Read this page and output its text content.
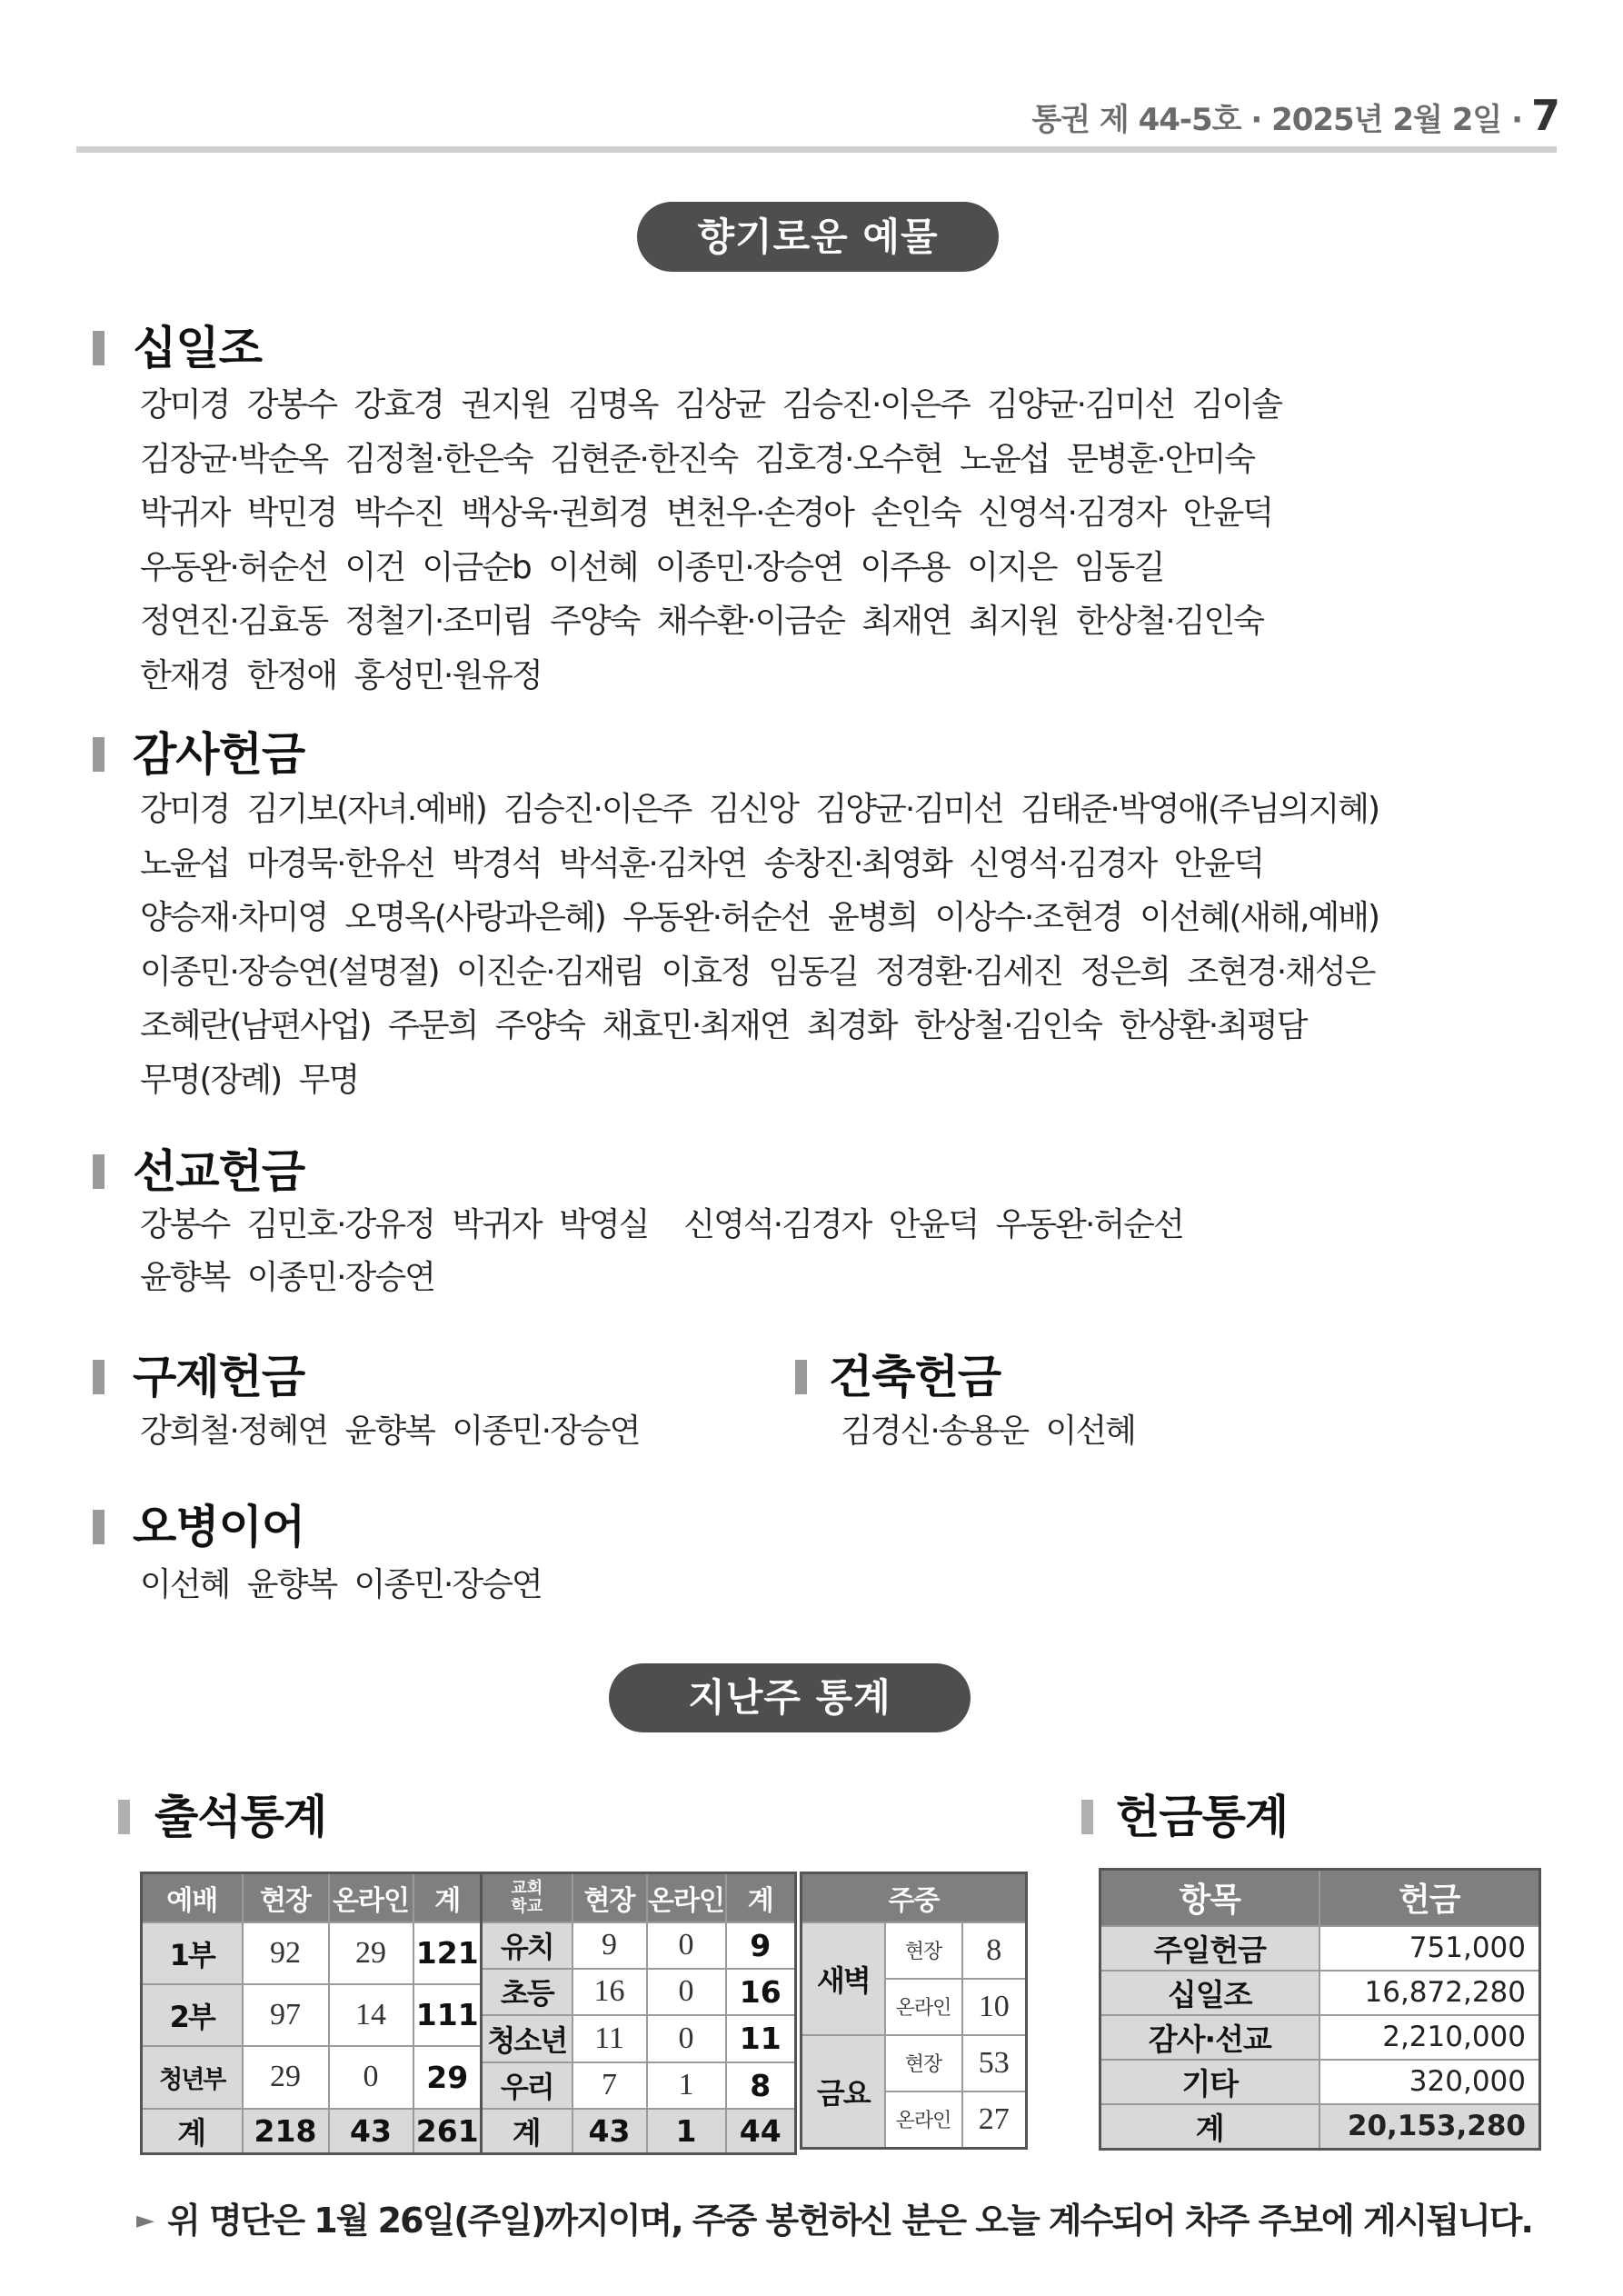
통권 제 44-5호 · 2025년 2월 2일 · 7
향기로운 예물
십일조
강미경 강봉수 강효경 권지원 김명옥 김상균 김승진·이은주 김양균·김미선 김이솔
김장균·박순옥 김정철·한은숙 김현준·한진숙 김호경·오수현 노윤섭 문병훈·안미숙
박귀자 박민경 박수진 백상욱·권희경 변천우·손경아 손인숙 신영석·김경자 안윤덕
우동완·허순선 이건 이금순b 이선혜 이종민·장승연 이주용 이지은 임동길
정연진·김효동 정철기·조미림 주양숙 채수환·이금순 최재연 최지원 한상철·김인숙
한재경 한정애 홍성민·원유정
감사헌금
강미경 김기보(자녀.예배) 김승진·이은주 김신앙 김양균·김미선 김태준·박영애(주님의지혜)
노윤섭 마경묵·한유선 박경석 박석훈·김차연 송창진·최영화 신영석·김경자 안윤덕
양승재·차미영 오명옥(사랑과은혜) 우동완·허순선 윤병희 이상수·조현경 이선혜(새해,예배)
이종민·장승연(설명절) 이진순·김재림 이효정 임동길 정경환·김세진 정은희 조현경·채성은
조혜란(남편사업) 주문희 주양숙 채효민·최재연 최경화 한상철·김인숙 한상환·최평담
무명(장례) 무명
선교헌금
강봉수 김민호·강유정 박귀자 박영실  신영석·김경자 안윤덕 우동완·허순선
윤향복 이종민·장승연
구제헌금
강희철·정혜연 윤향복 이종민·장승연
건축헌금
김경신·송용운 이선혜
오병이어
이선혜 윤향복 이종민·장승연
지난주 통계
출석통계	헌금통계
예배	현장	온라인	계
1부	92	29	121
2부	97	14	111
청년부	29	0	29
계	218	43	261
교회
학교	현장	온라인	계
유치	9	0	9
초등	16	0	16
청소년	11	0	11
우리	7	1	8
계	43	1	44
주중		
새벽	현장	8
	온라인	10
금요	현장	53
	온라인	27
항목	헌금
주일헌금	751,000
십일조	16,872,280
감사·선교	2,210,000
기타	320,000
계	20,153,280
► 위 명단은 1월 26일(주일)까지이며, 주중 봉헌하신 분은 오늘 계수되어 차주 주보에 게시됩니다.
